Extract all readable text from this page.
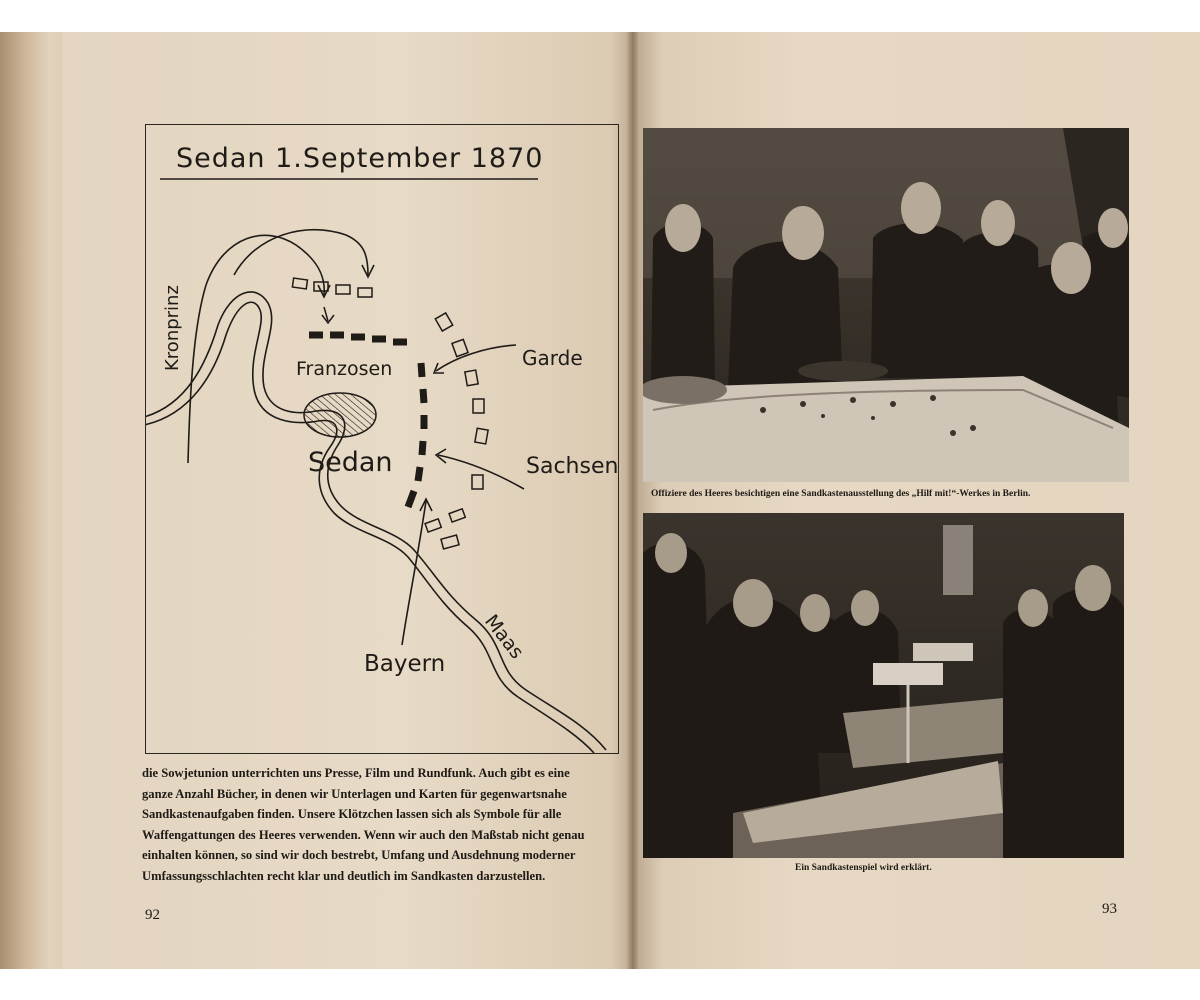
Sedan 1.September 1870
Kronprinz	Franzosen
Sedan
Garde
Sachsen
Bayern
Maas

die Sowjetunion unterrichten uns Presse, Film und Rundfunk. Auch gibt es eine

ganze Anzahl Bücher, in denen wir Unterlagen und Karten für gegenwartsnahe

Sandkastenaufgaben finden. Unsere Klötzchen lassen sich als Symbole für alle

Waffengattungen des Heeres verwenden. Wenn wir auch den Maßstab nicht genau

einhalten können, so sind wir doch bestrebt, Umfang und Ausdehnung moderner

Umfassungsschlachten recht klar und deutlich im Sandkasten darzustellen.

92
Offiziere des Heeres besichtigen eine Sandkastenausstellung des „Hilf mit!“-Werkes in Berlin.
Ein Sandkastenspiel wird erklärt.
93
